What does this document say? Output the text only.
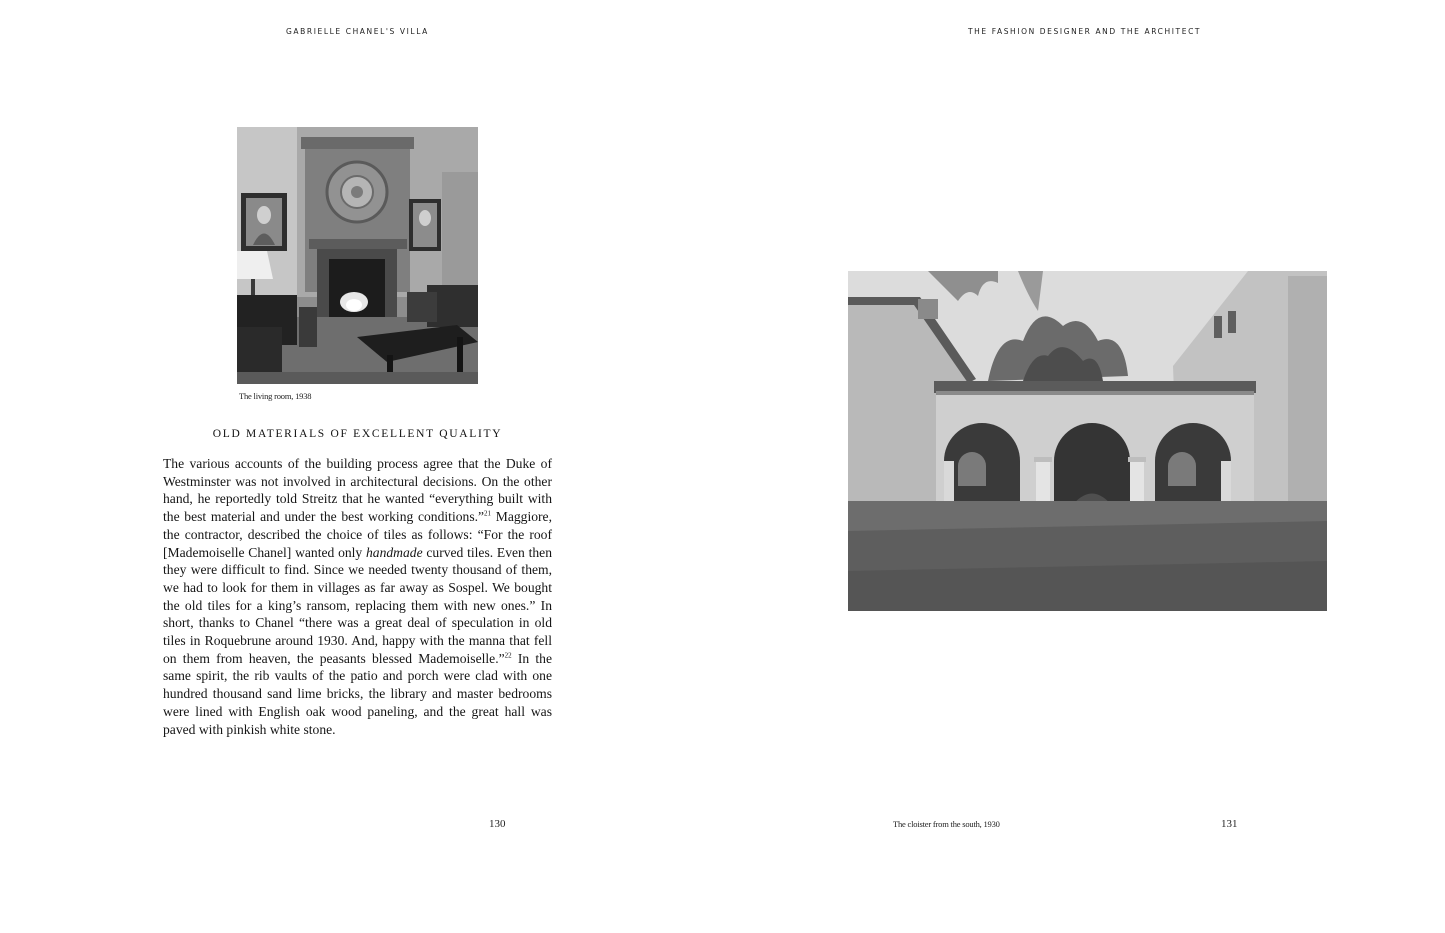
GABRIELLE CHANEL'S VILLA	THE FASHION DESIGNER AND THE ARCHITECT
The living room, 1938
OLD MATERIALS OF EXCELLENT QUALITY

The various accounts of the building process agree that the Duke of Westminster was not involved in architectural decisions. On the other hand, he reportedly told Streitz that he wanted “everything built with the best material and under the best working conditions.”$^{21}$ Maggiore, the contractor, described the choice of tiles as follows: “For the roof [Mademoiselle Chanel] wanted only handmade curved tiles. Even then they were difficult to find. Since we needed twenty thousand of them, we had to look for them in villages as far away as Sospel. We bought the old tiles for a king’s ransom, replacing them with new ones.” In short, thanks to Chanel “there was a great deal of speculation in old tiles in Roquebrune around 1930. And, happy with the manna that fell on them from heaven, the peasants blessed Mademoiselle.”$^{22}$ In the same spirit, the rib vaults of the patio and porch were clad with one hundred thousand sand lime bricks, the library and master bedrooms were lined with English oak wood paneling, and the great hall was paved with pinkish white stone.

130	The cloister from the south, 1930	131
